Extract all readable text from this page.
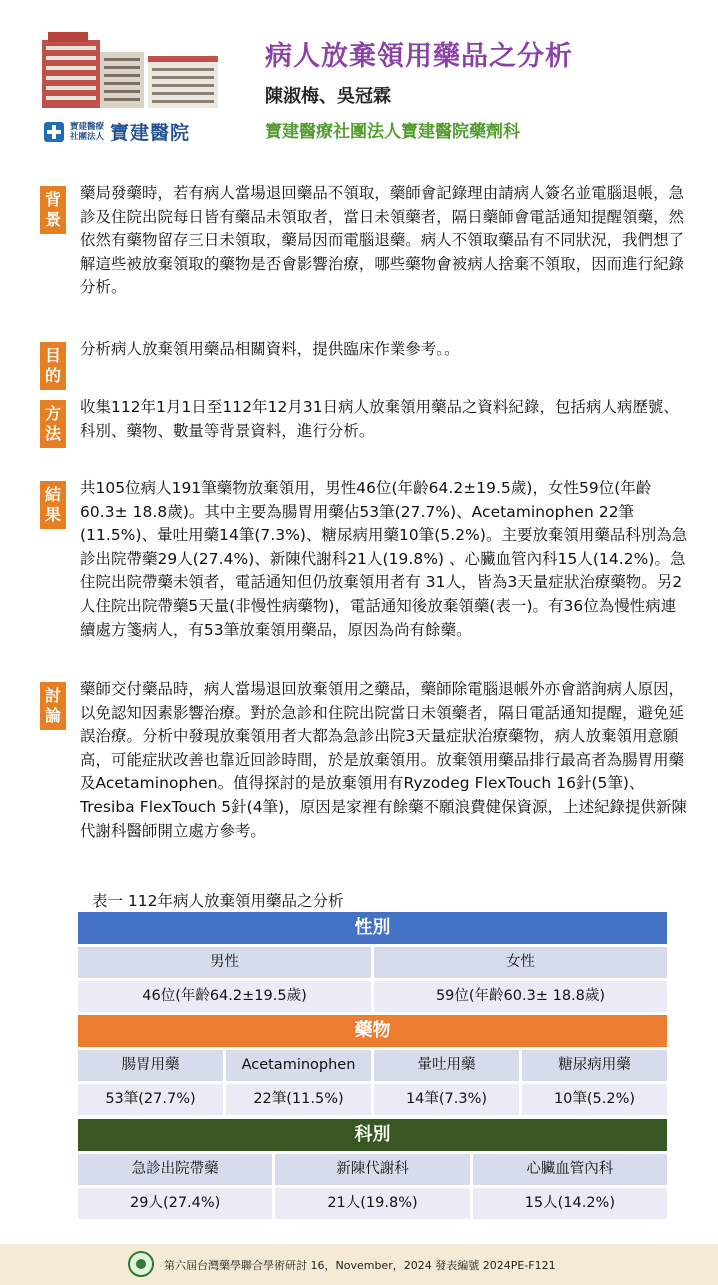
寶建醫療
社團法人 寶建醫院
病人放棄領用藥品之分析
陳淑梅、吳冠霖
寶建醫療社團法人寶建醫院藥劑科
背景

藥局發藥時，若有病人當場退回藥品不領取，藥師會記錄理由請病人簽名並電腦退帳，急診及住院出院每日皆有藥品未領取者，當日未領藥者，隔日藥師會電話通知提醒領藥，然依然有藥物留存三日未領取，藥局因而電腦退藥。病人不領取藥品有不同狀況，我們想了解這些被放棄領取的藥物是否會影響治療，哪些藥物會被病人捨棄不領取，因而進行紀錄分析。

目的

分析病人放棄領用藥品相關資料，提供臨床作業參考。。

方法

收集112年1月1日至112年12月31日病人放棄領用藥品之資料紀錄，包括病人病歷號、科別、藥物、數量等背景資料，進行分析。

結果

共105位病人191筆藥物放棄領用，男性46位(年齡64.2±19.5歲)，女性59位(年齡60.3± 18.8歲)。其中主要為腸胃用藥佔53筆(27.7%)、Acetaminophen 22筆(11.5%)、暈吐用藥14筆(7.3%)、糖尿病用藥10筆(5.2%)。主要放棄領用藥品科別為急診出院帶藥29人(27.4%)、新陳代謝科21人(19.8%) 、心臟血管內科15人(14.2%)。急住院出院帶藥未領者，電話通知但仍放棄領用者有 31人，皆為3天量症狀治療藥物。另2人住院出院帶藥5天量(非慢性病藥物)，電話通知後放棄領藥(表一)。有36位為慢性病連續處方箋病人，有53筆放棄領用藥品，原因為尚有餘藥。

討論

藥師交付藥品時，病人當場退回放棄領用之藥品，藥師除電腦退帳外亦會諮詢病人原因，以免認知因素影響治療。對於急診和住院出院當日未領藥者，隔日電話通知提醒，避免延誤治療。分析中發現放棄領用者大都為急診出院3天量症狀治療藥物，病人放棄領用意願高，可能症狀改善也靠近回診時間，於是放棄領用。放棄領用藥品排行最高者為腸胃用藥及Acetaminophen。值得探討的是放棄領用有Ryzodeg FlexTouch 16針(5筆)、Tresiba FlexTouch 5針(4筆)，原因是家裡有餘藥不願浪費健保資源，上述紀錄提供新陳代謝科醫師開立處方參考。

表一 112年病人放棄領用藥品之分析
性別
男性	女性
46位(年齡64.2±19.5歲)	59位(年齡60.3± 18.8歲)
藥物
腸胃用藥	Acetaminophen	暈吐用藥	糖尿病用藥
53筆(27.7%)	22筆(11.5%)	14筆(7.3%)	10筆(5.2%)
科別
急診出院帶藥	新陳代謝科	心臟血管內科
29人(27.4%)	21人(19.8%)	15人(14.2%)
第六屆台灣藥學聯合學術研討 16，November，2024 發表編號 2024PE-F121
